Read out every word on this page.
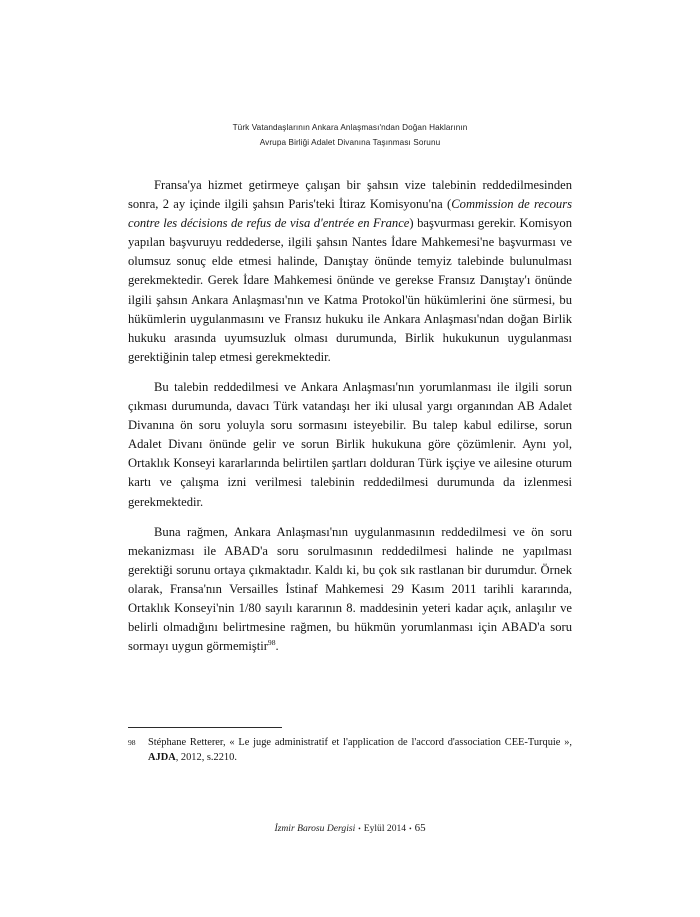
Türk Vatandaşlarının Ankara Anlaşması'ndan Doğan Haklarının
Avrupa Birliği Adalet Divanına Taşınması Sorunu

Fransa'ya hizmet getirmeye çalışan bir şahsın vize talebinin reddedilmesinden sonra, 2 ay içinde ilgili şahsın Paris'teki İtiraz Komisyonu'na (Commission de recours contre les décisions de refus de visa d'entrée en France) başvurması gerekir. Komisyon yapılan başvuruyu reddederse, ilgili şahsın Nantes İdare Mahkemesi'ne başvurması ve olumsuz sonuç elde etmesi halinde, Danıştay önünde temyiz talebinde bulunulması gerekmektedir. Gerek İdare Mahkemesi önünde ve gerekse Fransız Danıştay'ı önünde ilgili şahsın Ankara Anlaşması'nın ve Katma Protokol'ün hükümlerini öne sürmesi, bu hükümlerin uygulanmasını ve Fransız hukuku ile Ankara Anlaşması'ndan doğan Birlik hukuku arasında uyumsuzluk olması durumunda, Birlik hukukunun uygulanması gerektiğinin talep etmesi gerekmektedir.

Bu talebin reddedilmesi ve Ankara Anlaşması'nın yorumlanması ile ilgili sorun çıkması durumunda, davacı Türk vatandaşı her iki ulusal yargı organından AB Adalet Divanına ön soru yoluyla soru sormasını isteyebilir. Bu talep kabul edilirse, sorun Adalet Divanı önünde gelir ve sorun Birlik hukukuna göre çözümlenir. Aynı yol, Ortaklık Konseyi kararlarında belirtilen şartları dolduran Türk işçiye ve ailesine oturum kartı ve çalışma izni verilmesi talebinin reddedilmesi durumunda da izlenmesi gerekmektedir.

Buna rağmen, Ankara Anlaşması'nın uygulanmasının reddedilmesi ve ön soru mekanizması ile ABAD'a soru sorulmasının reddedilmesi halinde ne yapılması gerektiği sorunu ortaya çıkmaktadır. Kaldı ki, bu çok sık rastlanan bir durumdur. Örnek olarak, Fransa'nın Versailles İstinaf Mahkemesi 29 Kasım 2011 tarihli kararında, Ortaklık Konseyi'nin 1/80 sayılı kararının 8. maddesinin yeteri kadar açık, anlaşılır ve belirli olmadığını belirtmesine rağmen, bu hükmün yorumlanması için ABAD'a soru sormayı uygun görmemiştir$^{98}$.

98	Stéphane Retterer, « Le juge administratif et l'application de l'accord d'association CEE-Turquie », AJDA, 2012, s.2210.
İzmir Barosu Dergisi • Eylül 2014 • 65
